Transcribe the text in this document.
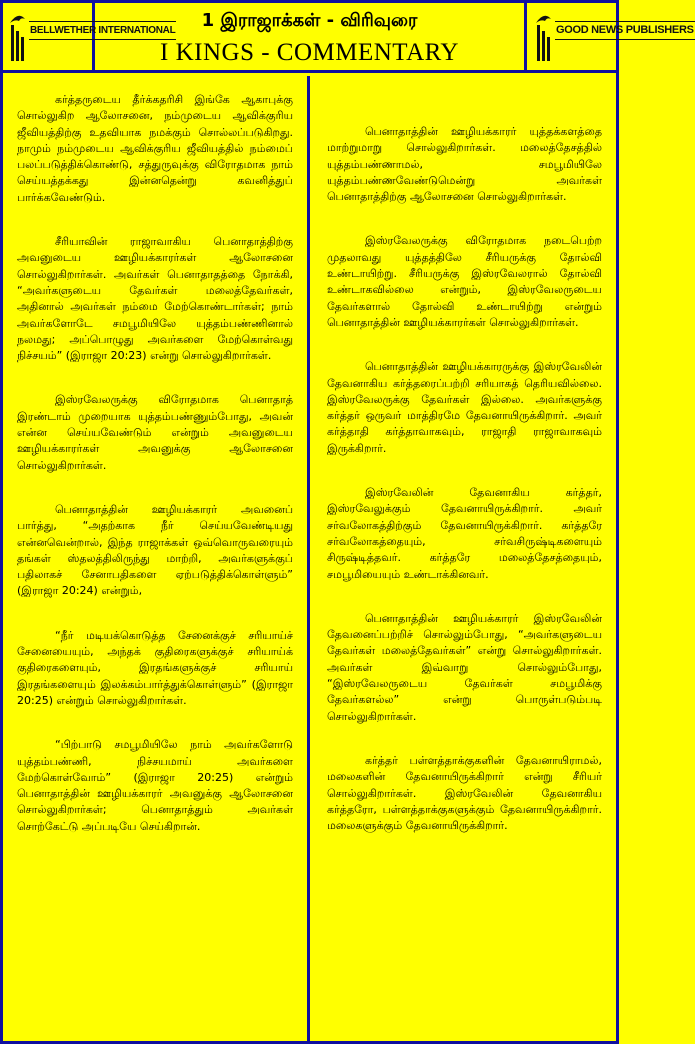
BELLWETHER INTERNATIONAL	1 இராஜாக்கள் - விரிவுரை
I KINGS - COMMENTARY
GOOD NEWS PUBLISHERS

கர்த்தருடைய தீர்க்கதரிசி இங்கே ஆகாபுக்கு சொல்லுகிற ஆலோசனை, நம்முடைய ஆவிக்குரிய ஜீவியத்திற்கு உதவியாக நமக்கும் சொல்லப்படுகிறது. நாமும் நம்முடைய ஆவிக்குரிய ஜீவியத்தில் நம்மைப் பலப்படுத்திக்கொண்டு, சத்துருவுக்கு விரோதமாக நாம் செய்யத்தக்கது இன்னதென்று கவனித்துப் பார்க்கவேண்டும்.

சீரியாவின் ராஜாவாகிய பெனாதாத்திற்கு அவனுடைய ஊழியக்காரர்கள் ஆலோசனை சொல்லுகிறார்கள். அவர்கள் பெனாதாதத்தை நோக்கி, “அவர்களுடைய தேவர்கள் மலைத்தேவர்கள், அதினால் அவர்கள் நம்மை மேற்கொண்டார்கள்; நாம் அவர்களோடே சமபூமியிலே யுத்தம்பண்ணினால் நலமது; அப்பொழுது அவர்களை மேற்கொள்வது நிச்சயம்” (இராஜா 20:23) என்று சொல்லுகிறார்கள்.

இஸ்ரவேலருக்கு விரோதமாக பெனாதாத் இரண்டாம் முறையாக யுத்தம்பண்ணும்போது, அவன் என்ன செய்யவேண்டும் என்றும் அவனுடைய ஊழியக்காரர்கள் அவனுக்கு ஆலோசனை சொல்லுகிறார்கள்.

பெனாதாத்தின் ஊழியக்காரர் அவனைப் பார்த்து, “அதற்காக நீர் செய்யவேண்டியது என்னவென்றால், இந்த ராஜாக்கள் ஒவ்வொருவரையும் தங்கள் ஸ்தலத்திலிருந்து மாற்றி, அவர்களுக்குப் பதிலாகச் சேனாபதிகளை ஏற்படுத்திக்கொள்ளும்” (இராஜா 20:24) என்றும்,

“நீர் மடியக்கொடுத்த சேனைக்குச் சரியாய்ச் சேனையையும், அந்தக் குதிரைகளுக்குச் சரியாய்க் குதிரைகளையும், இரதங்களுக்குச் சரியாய் இரதங்களையும் இலக்கம்பார்த்துக்கொள்ளும்” (இராஜா 20:25) என்றும் சொல்லுகிறார்கள்.

“பிற்பாடு சமபூமியிலே நாம் அவர்களோடு யுத்தம்பண்ணி, நிச்சயமாய் அவர்களை மேற்கொள்வோம்” (இராஜா 20:25) என்றும் பெனாதாத்தின் ஊழியக்காரர் அவனுக்கு ஆலோசனை சொல்லுகிறார்கள்; பெனாதாத்தும் அவர்கள் சொற்கேட்டு அப்படியே செய்கிறான்.

பெனாதாத்தின் ஊழியக்காரர் யுத்தக்களத்தை மாற்றுமாறு சொல்லுகிறார்கள். மலைத்தேசத்தில் யுத்தம்பண்ணாமல், சமபூமியிலே யுத்தம்பண்ணவேண்டுமென்று அவர்கள் பெனாதாத்திற்கு ஆலோசனை சொல்லுகிறார்கள்.

இஸ்ரவேலருக்கு விரோதமாக நடைபெற்ற முதலாவது யுத்தத்திலே சீரியருக்கு தோல்வி உண்டாயிற்று. சீரியருக்கு இஸ்ரவேலரால் தோல்வி உண்டாகவில்லை என்றும், இஸ்ரவேலருடைய தேவர்களால் தோல்வி உண்டாயிற்று என்றும் பெனாதாத்தின் ஊழியக்காரர்கள் சொல்லுகிறார்கள்.

பெனாதாத்தின் ஊழியக்காரருக்கு இஸ்ரவேலின் தேவனாகிய கர்த்தரைப்பற்றி சரியாகத் தெரியவில்லை. இஸ்ரவேலருக்கு தேவர்கள் இல்லை. அவர்களுக்கு கர்த்தர் ஒருவர் மாத்திரமே தேவனாயிருக்கிறார். அவர் கர்த்தாதி கர்த்தாவாகவும், ராஜாதி ராஜாவாகவும் இருக்கிறார்.

இஸ்ரவேலின் தேவனாகிய கர்த்தர், இஸ்ரவேலுக்கும் தேவனாயிருக்கிறார். அவர் சர்வலோகத்திற்கும் தேவனாயிருக்கிறார். கர்த்தரே சர்வலோகத்தையும், சர்வசிருஷ்டிகளையும் சிருஷ்டித்தவர். கர்த்தரே மலைத்தேசத்தையும், சமபூமியையும் உண்டாக்கினவர்.

பெனாதாத்தின் ஊழியக்காரர் இஸ்ரவேலின் தேவனைப்பற்றிச் சொல்லும்போது, “அவர்களுடைய தேவர்கள் மலைத்தேவர்கள்” என்று சொல்லுகிறார்கள். அவர்கள் இவ்வாறு சொல்லும்போது, “இஸ்ரவேலருடைய தேவர்கள் சமபூமிக்கு தேவர்களல்ல” என்று பொருள்படும்படி சொல்லுகிறார்கள்.

கர்த்தர் பள்ளத்தாக்குகளின் தேவனாயிராமல், மலைகளின் தேவனாயிருக்கிறார் என்று சீரியர் சொல்லுகிறார்கள். இஸ்ரவேலின் தேவனாகிய கர்த்தரோ, பள்ளத்தாக்குகளுக்கும் தேவனாயிருக்கிறார். மலைகளுக்கும் தேவனாயிருக்கிறார்.
